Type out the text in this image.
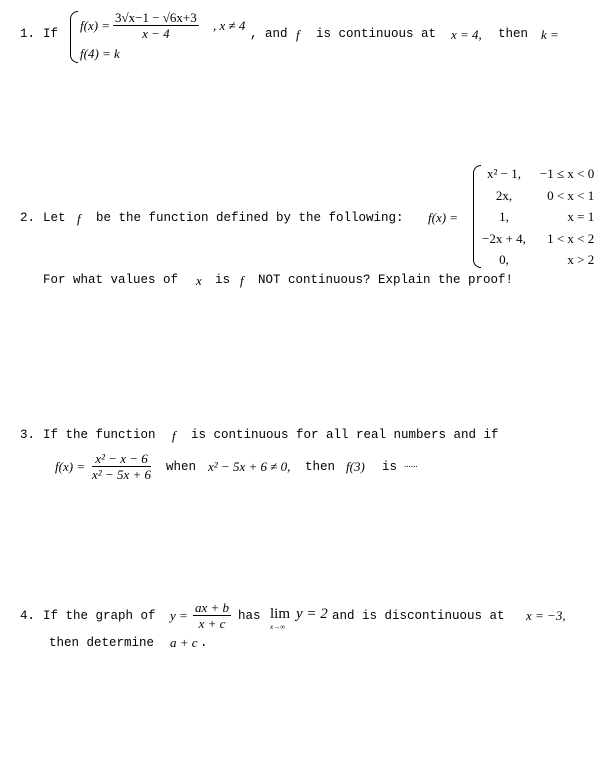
1. If
$f(x) = \frac{3√x-1 - √6x+3}{x - 4}$ , x ≠ 4
f(4) = k
, and f is continuous at x = 4, then k =
2. Let f be the function defined by the following: f(x) =
x² − 1,	−1 ≤ x < 0
2x,	0 < x < 1
1,	x = 1
−2x + 4,	1 < x < 2
0,	x > 2
For what values of x is f NOT continuous? Explain the proof!
3. If the function f is continuous for all real numbers and if
$f(x) = \frac{\text{x² − x − 6}}{\text{x² − 5x + 6}}$ when x² − 5x + 6 ≠ 0, then f(3) is ......
4. If the graph of $y = \frac{ax + b}{x + c}$ has lim
x→∞
y = 2 and is discontinuous at x = −3,
then determine a + c .
